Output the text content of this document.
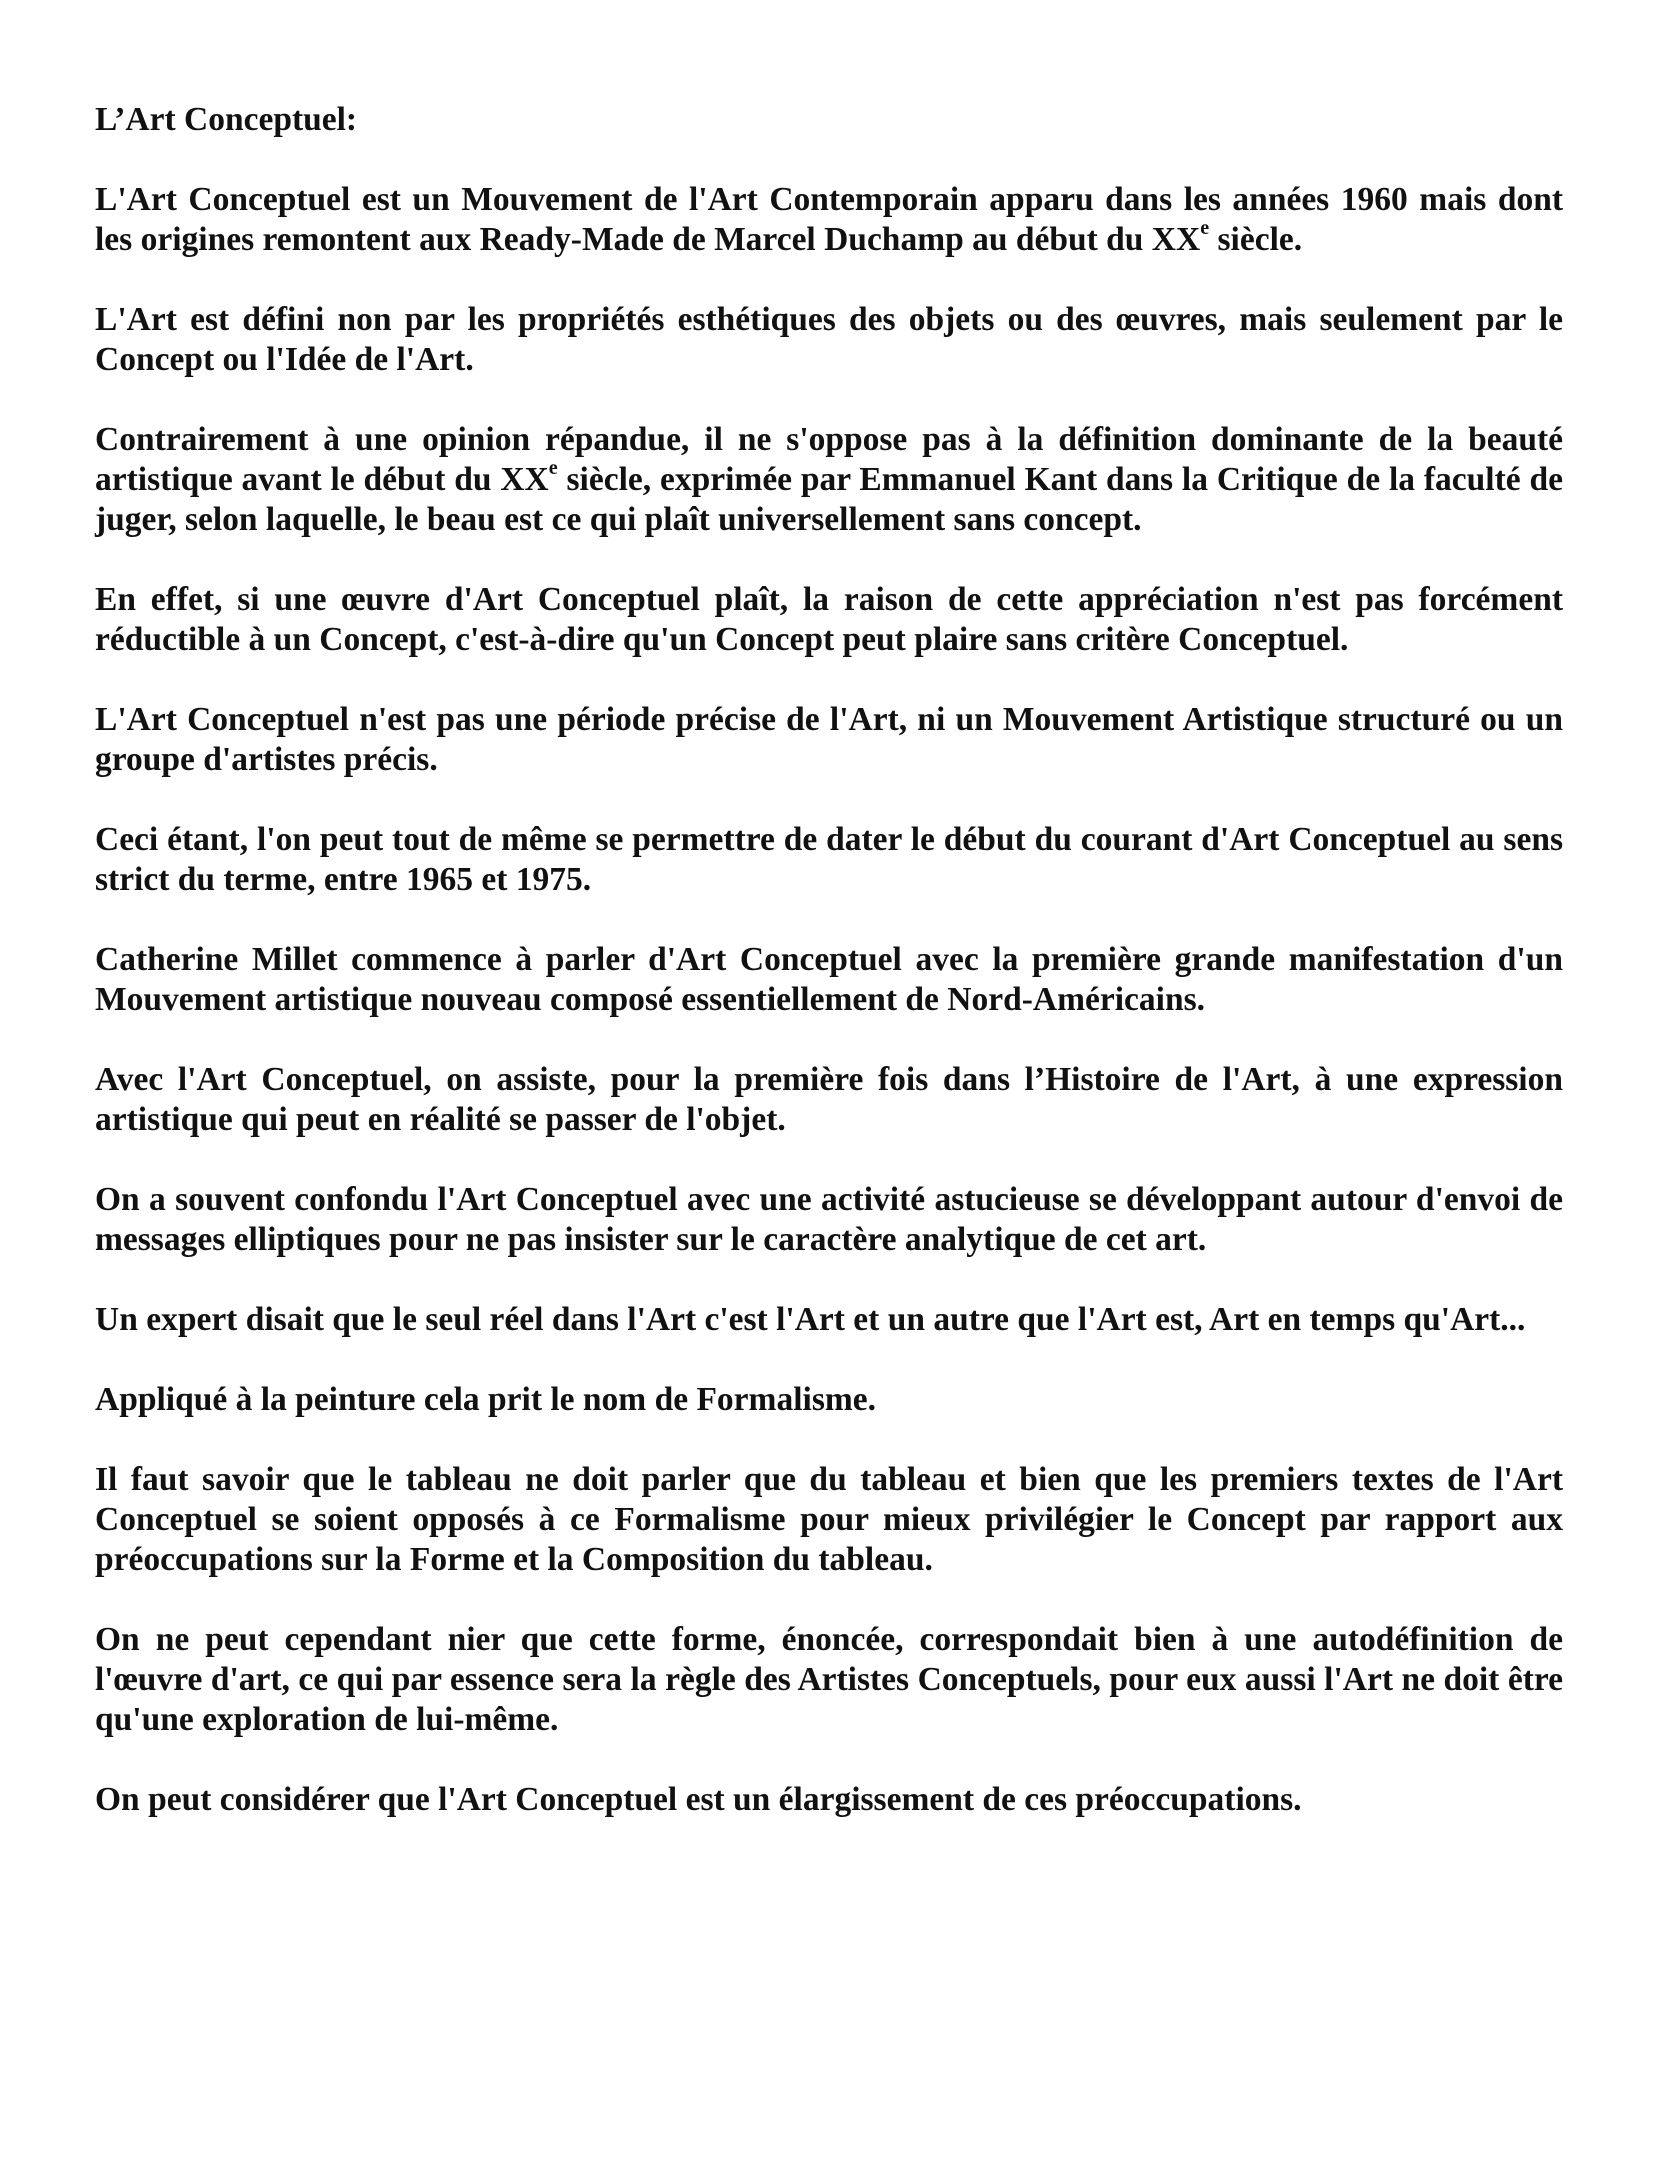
L’Art Conceptuel:

L'Art Conceptuel est un Mouvement de l'Art Contemporain apparu dans les années 1960 mais dont les origines remontent aux Ready-Made de Marcel Duchamp au début du XXe siècle.

L'Art est défini non par les propriétés esthétiques des objets ou des œuvres, mais seulement par le Concept ou l'Idée de l'Art.

Contrairement à une opinion répandue, il ne s'oppose pas à la définition dominante de la beauté artistique avant le début du XXe siècle, exprimée par Emmanuel Kant dans la Critique de la faculté de juger, selon laquelle, le beau est ce qui plaît universellement sans concept.

En effet, si une œuvre d'Art Conceptuel plaît, la raison de cette appréciation n'est pas forcément réductible à un Concept, c'est-à-dire qu'un Concept peut plaire sans critère Conceptuel.

L'Art Conceptuel n'est pas une période précise de l'Art, ni un Mouvement Artistique structuré ou un groupe d'artistes précis.

Ceci étant, l'on peut tout de même se permettre de dater le début du courant d'Art Conceptuel au sens strict du terme, entre 1965 et 1975.

Catherine Millet commence à parler d'Art Conceptuel avec la première grande manifestation d'un Mouvement artistique nouveau composé essentiellement de Nord-Américains.

Avec l'Art Conceptuel, on assiste, pour la première fois dans l’Histoire de l'Art, à une expression artistique qui peut en réalité se passer de l'objet.

On a souvent confondu l'Art Conceptuel avec une activité astucieuse se développant autour d'envoi de messages elliptiques pour ne pas insister sur le caractère analytique de cet art.

Un expert disait que le seul réel dans l'Art c'est l'Art et un autre que l'Art est, Art en temps qu'Art...

Appliqué à la peinture cela prit le nom de Formalisme.

Il faut savoir que le tableau ne doit parler que du tableau et bien que les premiers textes de l'Art Conceptuel se soient opposés à ce Formalisme pour mieux privilégier le Concept par rapport aux préoccupations sur la Forme et la Composition du tableau.

On ne peut cependant nier que cette forme, énoncée, correspondait bien à une autodéfinition de l'œuvre d'art, ce qui par essence sera la règle des Artistes Conceptuels, pour eux aussi l'Art ne doit être qu'une exploration de lui-même.

On peut considérer que l'Art Conceptuel est un élargissement de ces préoccupations.
